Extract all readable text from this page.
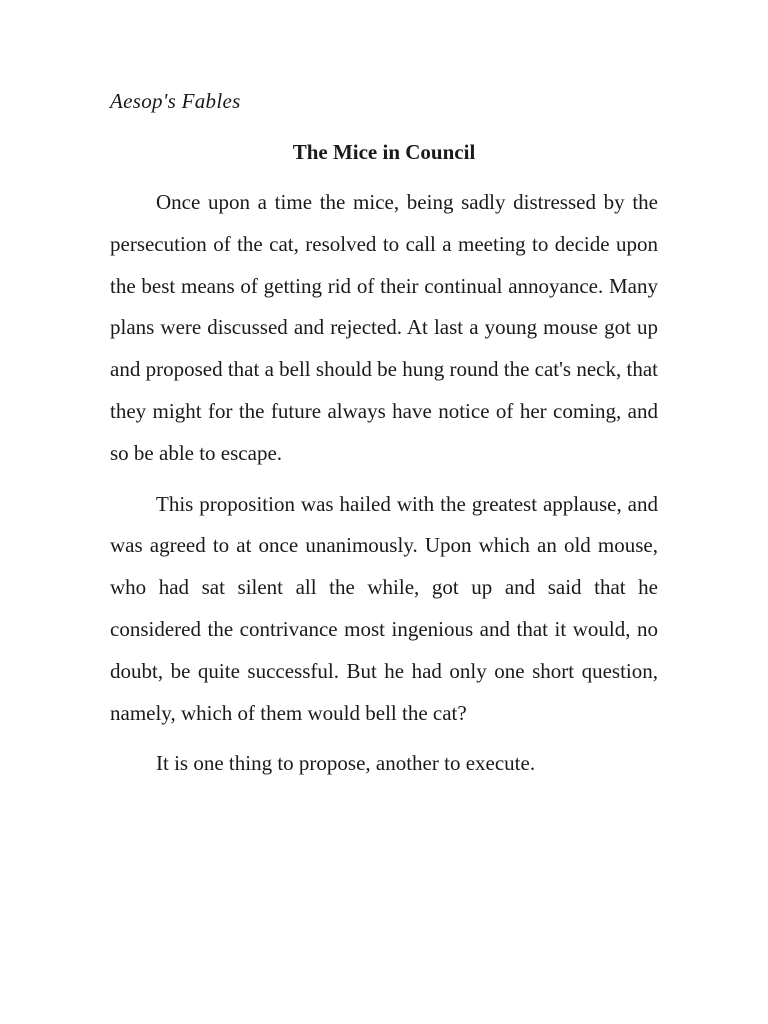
Aesop's Fables

The Mice in Council

Once upon a time the mice, being sadly distressed by the persecution of the cat, resolved to call a meeting to decide upon the best means of getting rid of their continual annoyance. Many plans were discussed and rejected. At last a young mouse got up and proposed that a bell should be hung round the cat's neck, that they might for the future always have notice of her coming, and so be able to escape.

This proposition was hailed with the greatest applause, and was agreed to at once unanimously. Upon which an old mouse, who had sat silent all the while, got up and said that he considered the contrivance most ingenious and that it would, no doubt, be quite successful. But he had only one short question, namely, which of them would bell the cat?

It is one thing to propose, another to execute.
